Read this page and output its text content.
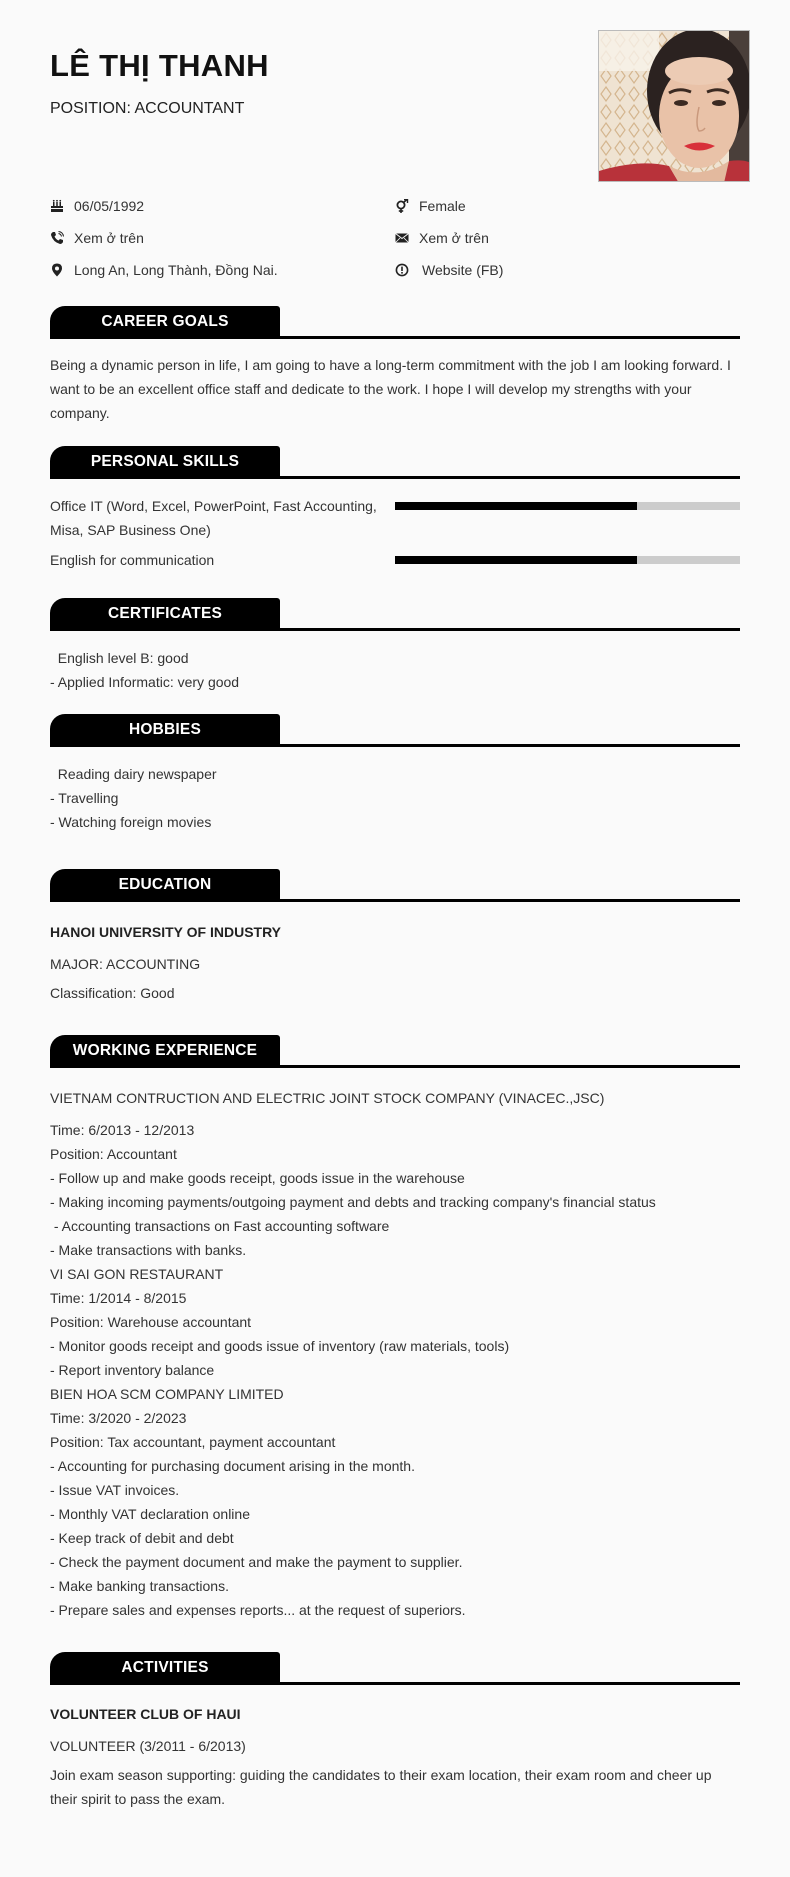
LÊ THỊ THANH
POSITION: ACCOUNTANT
06/05/1992
Xem ở trên
Long An, Long Thành, Đồng Nai.
Female
Xem ở trên
Website (FB)
CAREER GOALS
Being a dynamic person in life, I am going to have a long-term commitment with the job I am looking forward. I want to be an excellent office staff and dedicate to the work. I hope I will develop my strengths with your company.
PERSONAL SKILLS
Office IT (Word, Excel, PowerPoint, Fast Accounting, Misa, SAP Business One)
English for communication
CERTIFICATES
English level B: good
- Applied Informatic: very good
HOBBIES
Reading dairy newspaper
- Travelling
- Watching foreign movies
EDUCATION
HANOI UNIVERSITY OF INDUSTRY
MAJOR: ACCOUNTING
Classification: Good
WORKING EXPERIENCE
VIETNAM CONTRUCTION AND ELECTRIC JOINT STOCK COMPANY (VINACEC.,JSC)
Time: 6/2013 - 12/2013
Position: Accountant
- Follow up and make goods receipt, goods issue in the warehouse
- Making incoming payments/outgoing payment and debts and tracking company's financial status
- Accounting transactions on Fast accounting software
- Make transactions with banks.
VI SAI GON RESTAURANT
Time: 1/2014 - 8/2015
Position: Warehouse accountant
- Monitor goods receipt and goods issue of inventory (raw materials, tools)
- Report inventory balance
BIEN HOA SCM COMPANY LIMITED
Time: 3/2020 - 2/2023
Position: Tax accountant, payment accountant
- Accounting for purchasing document arising in the month.
- Issue VAT invoices.
- Monthly VAT declaration online
- Keep track of debit and debt
- Check the payment document and make the payment to supplier.
- Make banking transactions.
- Prepare sales and expenses reports... at the request of superiors.
ACTIVITIES
VOLUNTEER CLUB OF HAUI
VOLUNTEER (3/2011 - 6/2013)
Join exam season supporting: guiding the candidates to their exam location, their exam room and cheer up their spirit to pass the exam.
